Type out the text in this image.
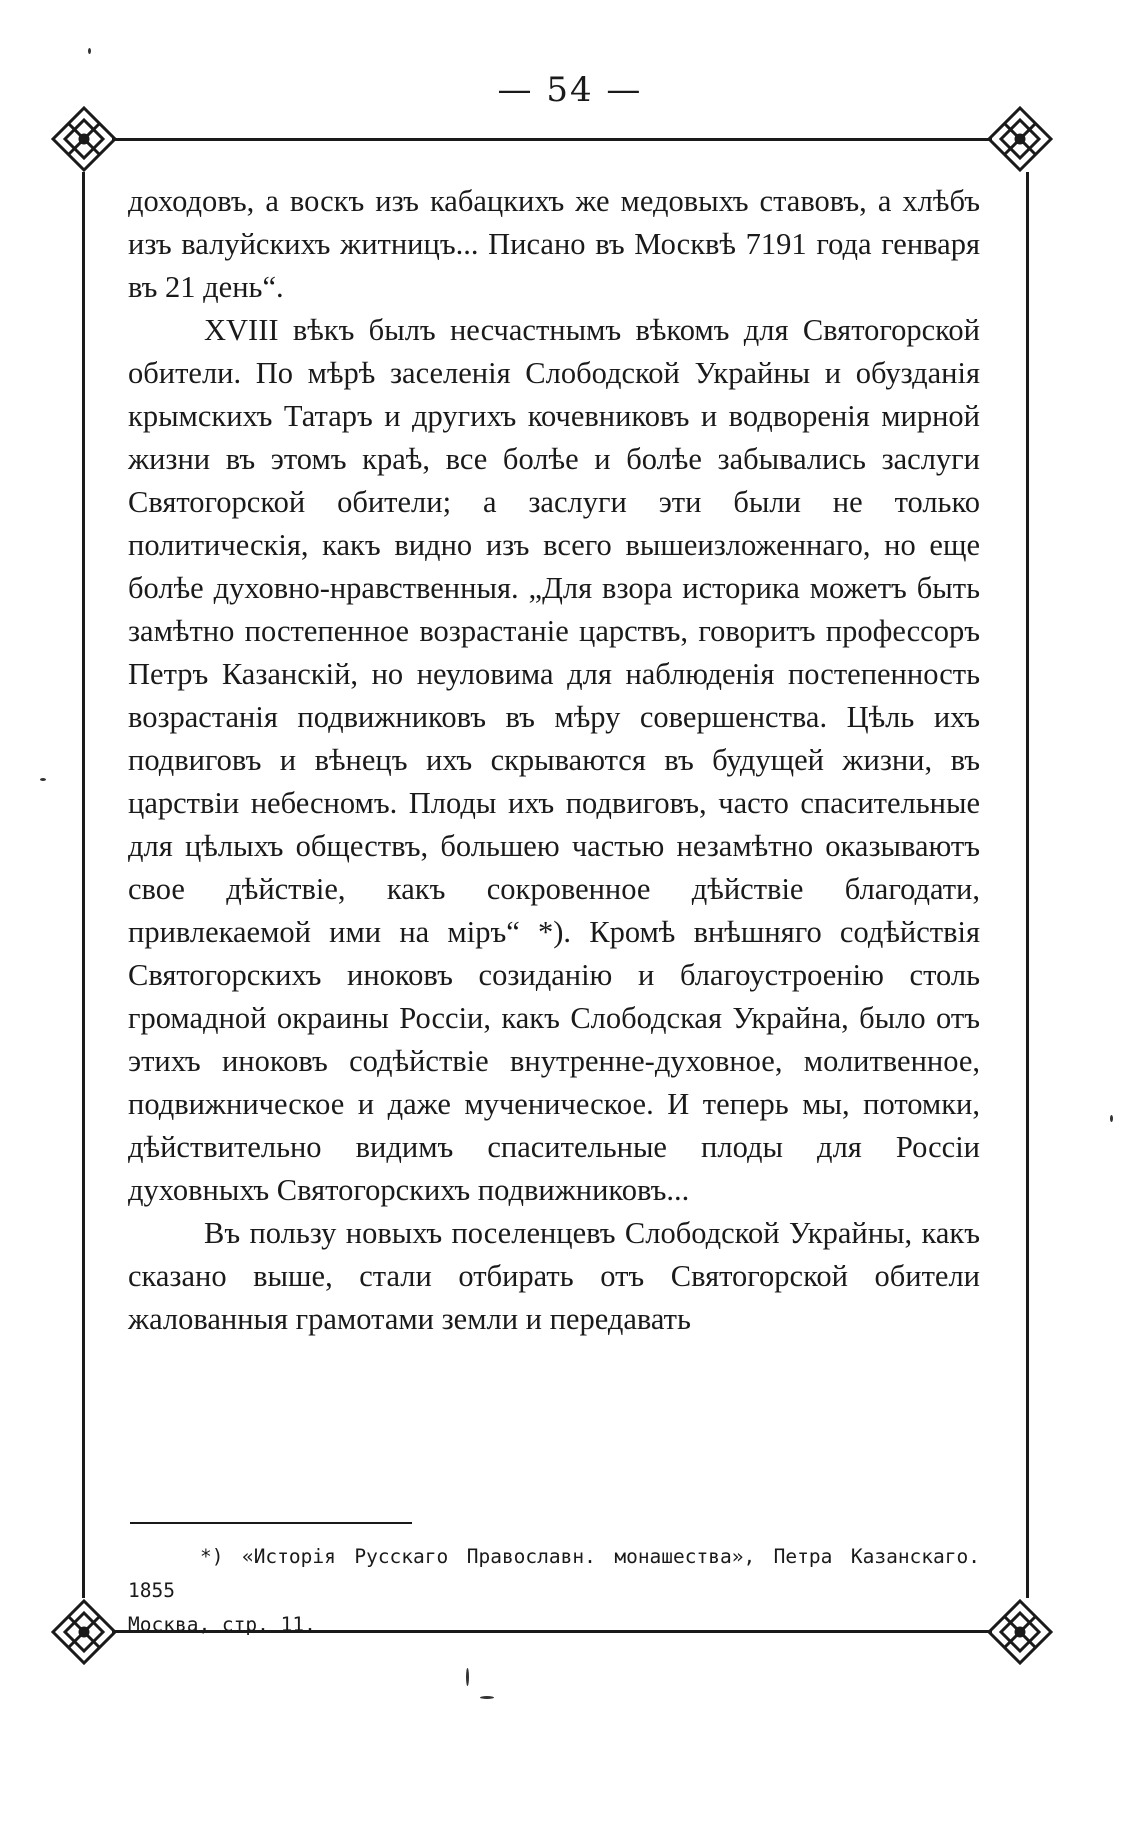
— 54 —

доходовъ, а воскъ изъ кабацкихъ же медовыхъ ставовъ, а хлѣбъ изъ валуйскихъ житницъ... Писано въ Москвѣ 7191 года генваря въ 21 день“.

XVIII вѣкъ былъ несчастнымъ вѣкомъ для Святогорской обители. По мѣрѣ заселенія Слободской Украйны и обузданія крымскихъ Татаръ и другихъ кочевниковъ и водворенія мирной жизни въ этомъ краѣ, все болѣе и болѣе забывались заслуги Святогорской обители; а заслуги эти были не только политическія, какъ видно изъ всего вышеизложеннаго, но еще болѣе духовно-нравственныя. „Для взора историка можетъ быть замѣтно постепенное возрастаніе царствъ, говоритъ профессоръ Петръ Казанскій, но неуловима для наблюденія постепенность возрастанія подвижниковъ въ мѣру совершенства. Цѣль ихъ подвиговъ и вѣнецъ ихъ скрываются въ будущей жизни, въ царствіи небесномъ. Плоды ихъ подвиговъ, часто спасительные для цѣлыхъ обществъ, большею частью незамѣтно оказываютъ свое дѣйствіе, какъ сокровенное дѣйствіе благодати, привлекаемой ими на міръ“ *). Кромѣ внѣшняго содѣйствія Святогорскихъ иноковъ созиданію и благоустроенію столь громадной окраины Россіи, какъ Слободская Украйна, было отъ этихъ иноковъ содѣйствіе внутренне-духовное, молитвенное, подвижническое и даже мученическое. И теперь мы, потомки, дѣйствительно видимъ спасительные плоды для Россіи духовныхъ Святогорскихъ подвижниковъ...

Въ пользу новыхъ поселенцевъ Слободской Украйны, какъ сказано выше, стали отбирать отъ Святогорской обители жалованныя грамотами земли и передавать

*) «Исторія Русскаго Православн. монашества», Петра Казанскаго. 1855
Москва, стр. 11.
